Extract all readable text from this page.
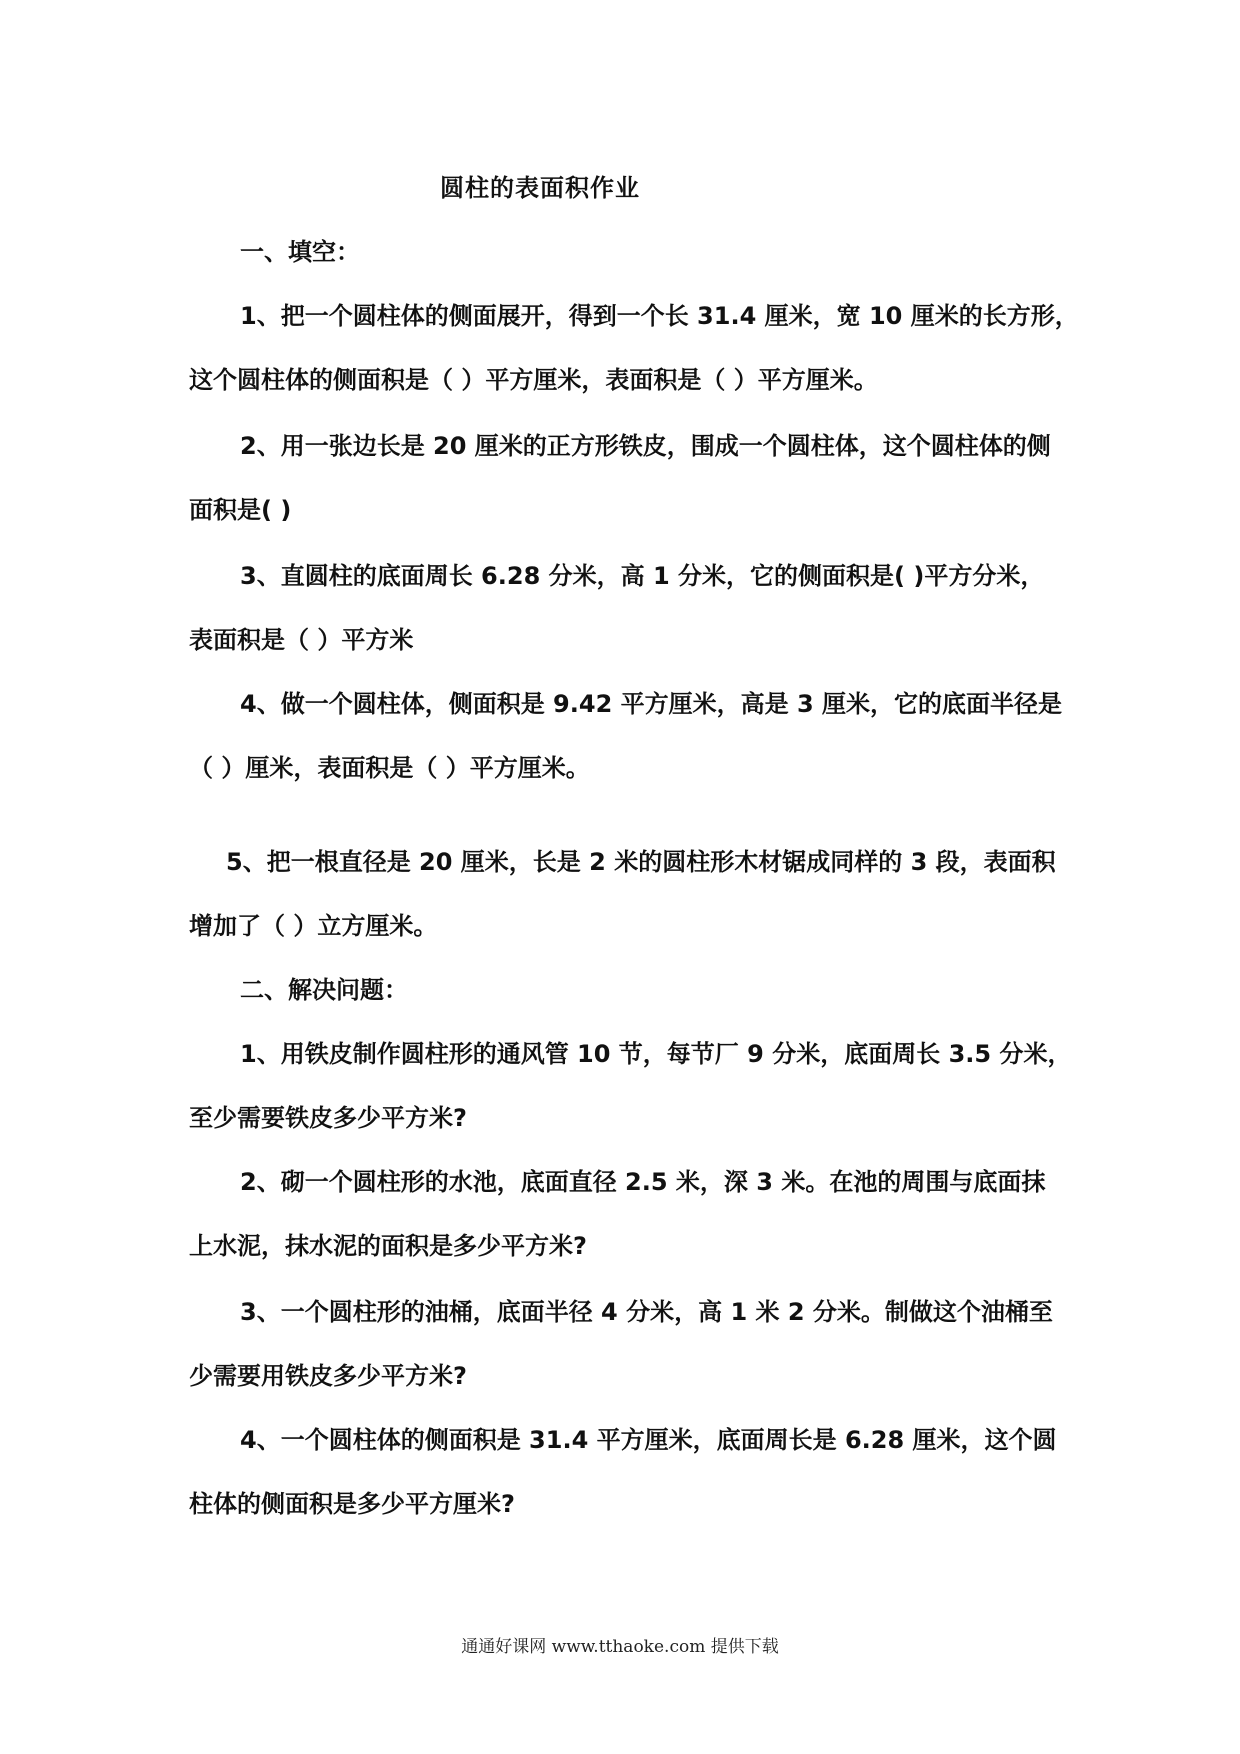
圆柱的表面积作业
一、填空：
1、把一个圆柱体的侧面展开，得到一个长 31.4 厘米，宽 10 厘米的长方形，
这个圆柱体的侧面积是（ ）平方厘米，表面积是（ ）平方厘米。
2、用一张边长是 20 厘米的正方形铁皮，围成一个圆柱体，这个圆柱体的侧
面积是( )
3、直圆柱的底面周长 6.28 分米，高 1 分米，它的侧面积是( )平方分米，
表面积是（ ）平方米
4、做一个圆柱体，侧面积是 9.42 平方厘米，高是 3 厘米，它的底面半径是
（ ）厘米，表面积是（ ）平方厘米。
5、把一根直径是 20 厘米，长是 2 米的圆柱形木材锯成同样的 3 段，表面积
增加了（ ）立方厘米。
二、解决问题：
1、用铁皮制作圆柱形的通风管 10 节，每节厂 9 分米，底面周长 3.5 分米，
至少需要铁皮多少平方米?
2、砌一个圆柱形的水池，底面直径 2.5 米，深 3 米。在池的周围与底面抹
上水泥，抹水泥的面积是多少平方米?
3、一个圆柱形的油桶，底面半径 4 分米，高 1 米 2 分米。制做这个油桶至
少需要用铁皮多少平方米?
4、一个圆柱体的侧面积是 31.4 平方厘米，底面周长是 6.28 厘米，这个圆
柱体的侧面积是多少平方厘米?
通通好课网 www.tthaoke.com 提供下载
